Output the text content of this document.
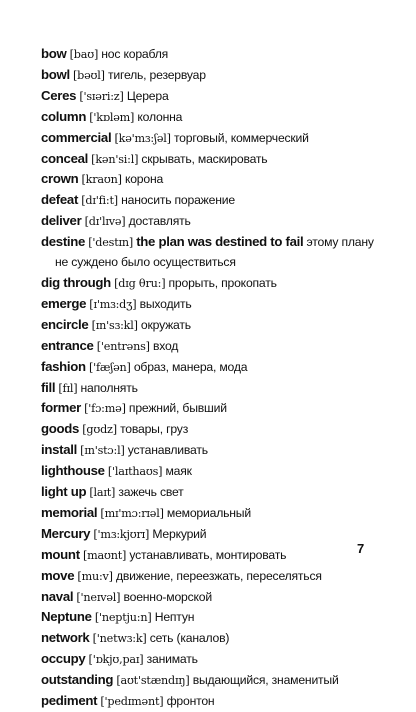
bow [baʊ] нос корабля
bowl [bəʊl] тигель, резервуар
Ceres ['sɪəri:z] Церера
column ['kɒləm] колонна
commercial [kə'mɜ:ʃəl] торговый, коммерческий
conceal [kən'si:l] скрывать, маскировать
crown [kraʊn] корона
defeat [dɪ'fi:t] наносить поражение
deliver [dɪ'lɪvə] доставлять
destine ['destɪn] the plan was destined to fail этому плану не суждено было осуществиться
dig through [dɪg θru:] прорыть, прокопать
emerge [ɪ'mɜ:dʒ] выходить
encircle [ɪn'sɜ:kl] окружать
entrance ['entrəns] вход
fashion ['fæʃən] образ, манера, мода
fill [fɪl] наполнять
former ['fɔ:mə] прежний, бывший
goods [gʊdz] товары, груз
install [ɪn'stɔ:l] устанавливать
lighthouse ['laɪthaʊs] маяк
light up [laɪt] зажечь свет
memorial [mɪ'mɔ:rɪəl] мемориальный
Mercury ['mɜ:kjʊrɪ] Меркурий
mount [maʊnt] устанавливать, монтировать
move [mu:v] движение, переезжать, переселяться
naval ['neɪvəl] военно-морской
Neptune ['neptju:n] Нептун
network ['netwɜ:k] сеть (каналов)
occupy ['ɒkjʊ,paɪ] занимать
outstanding [aʊt'stændɪŋ] выдающийся, знаменитый
pediment ['pedɪmənt] фронтон
7
